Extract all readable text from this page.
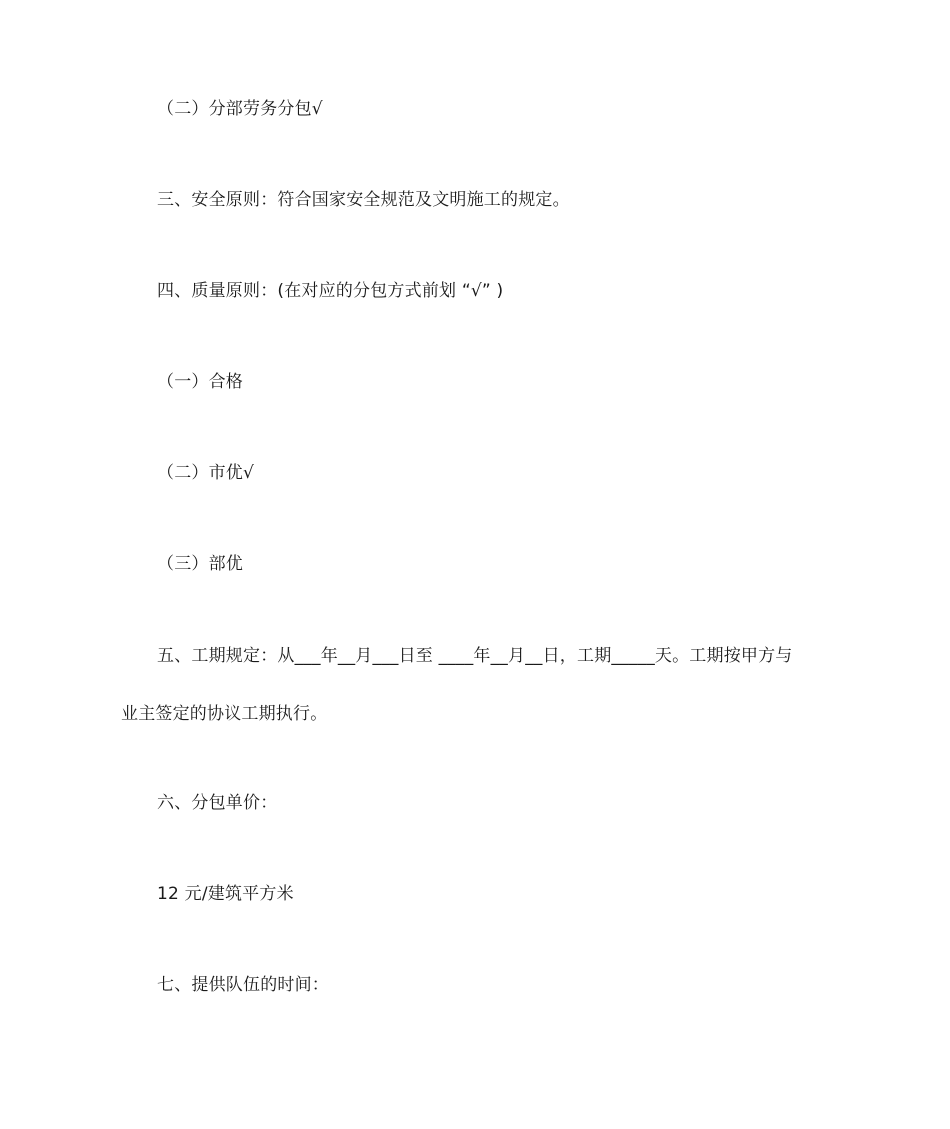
（二）分部劳务分包√
三、安全原则：符合国家安全规范及文明施工的规定。
四、质量原则：(在对应的分包方式前划 “√” )
（一）合格
（二）市优√
（三）部优
五、工期规定：从___年__月___日至 ____年__月__日，工期_____天。工期按甲方与
业主签定的协议工期执行。
六、分包单价：
12 元/建筑平方米
七、提供队伍的时间：
